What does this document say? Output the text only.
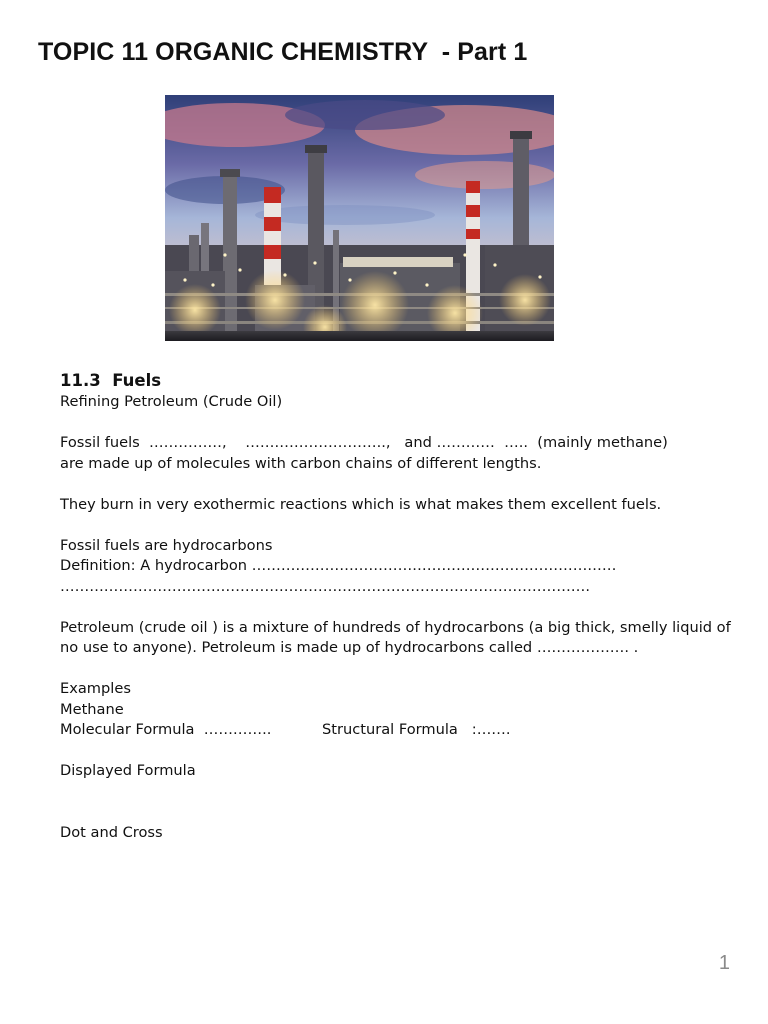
TOPIC 11 ORGANIC CHEMISTRY  - Part 1
11.3  Fuels
Refining Petroleum (Crude Oil)
Fossil fuels  ……………,    ………………………..,   and …………  …..  (mainly methane)
are made up of molecules with carbon chains of different lengths.
They burn in very exothermic reactions which is what makes them excellent fuels.
Fossil fuels are hydrocarbons
Definition: A hydrocarbon …………………………………………………………………
……………………………………………………………………………………………….
Petroleum (crude oil ) is a mixture of hundreds of hydrocarbons (a big thick, smelly liquid of
no use to anyone). Petroleum is made up of hydrocarbons called ………………. .
Examples
Methane
Molecular Formula  …………..	Structural Formula   :…….
Displayed Formula
Dot and Cross
1
